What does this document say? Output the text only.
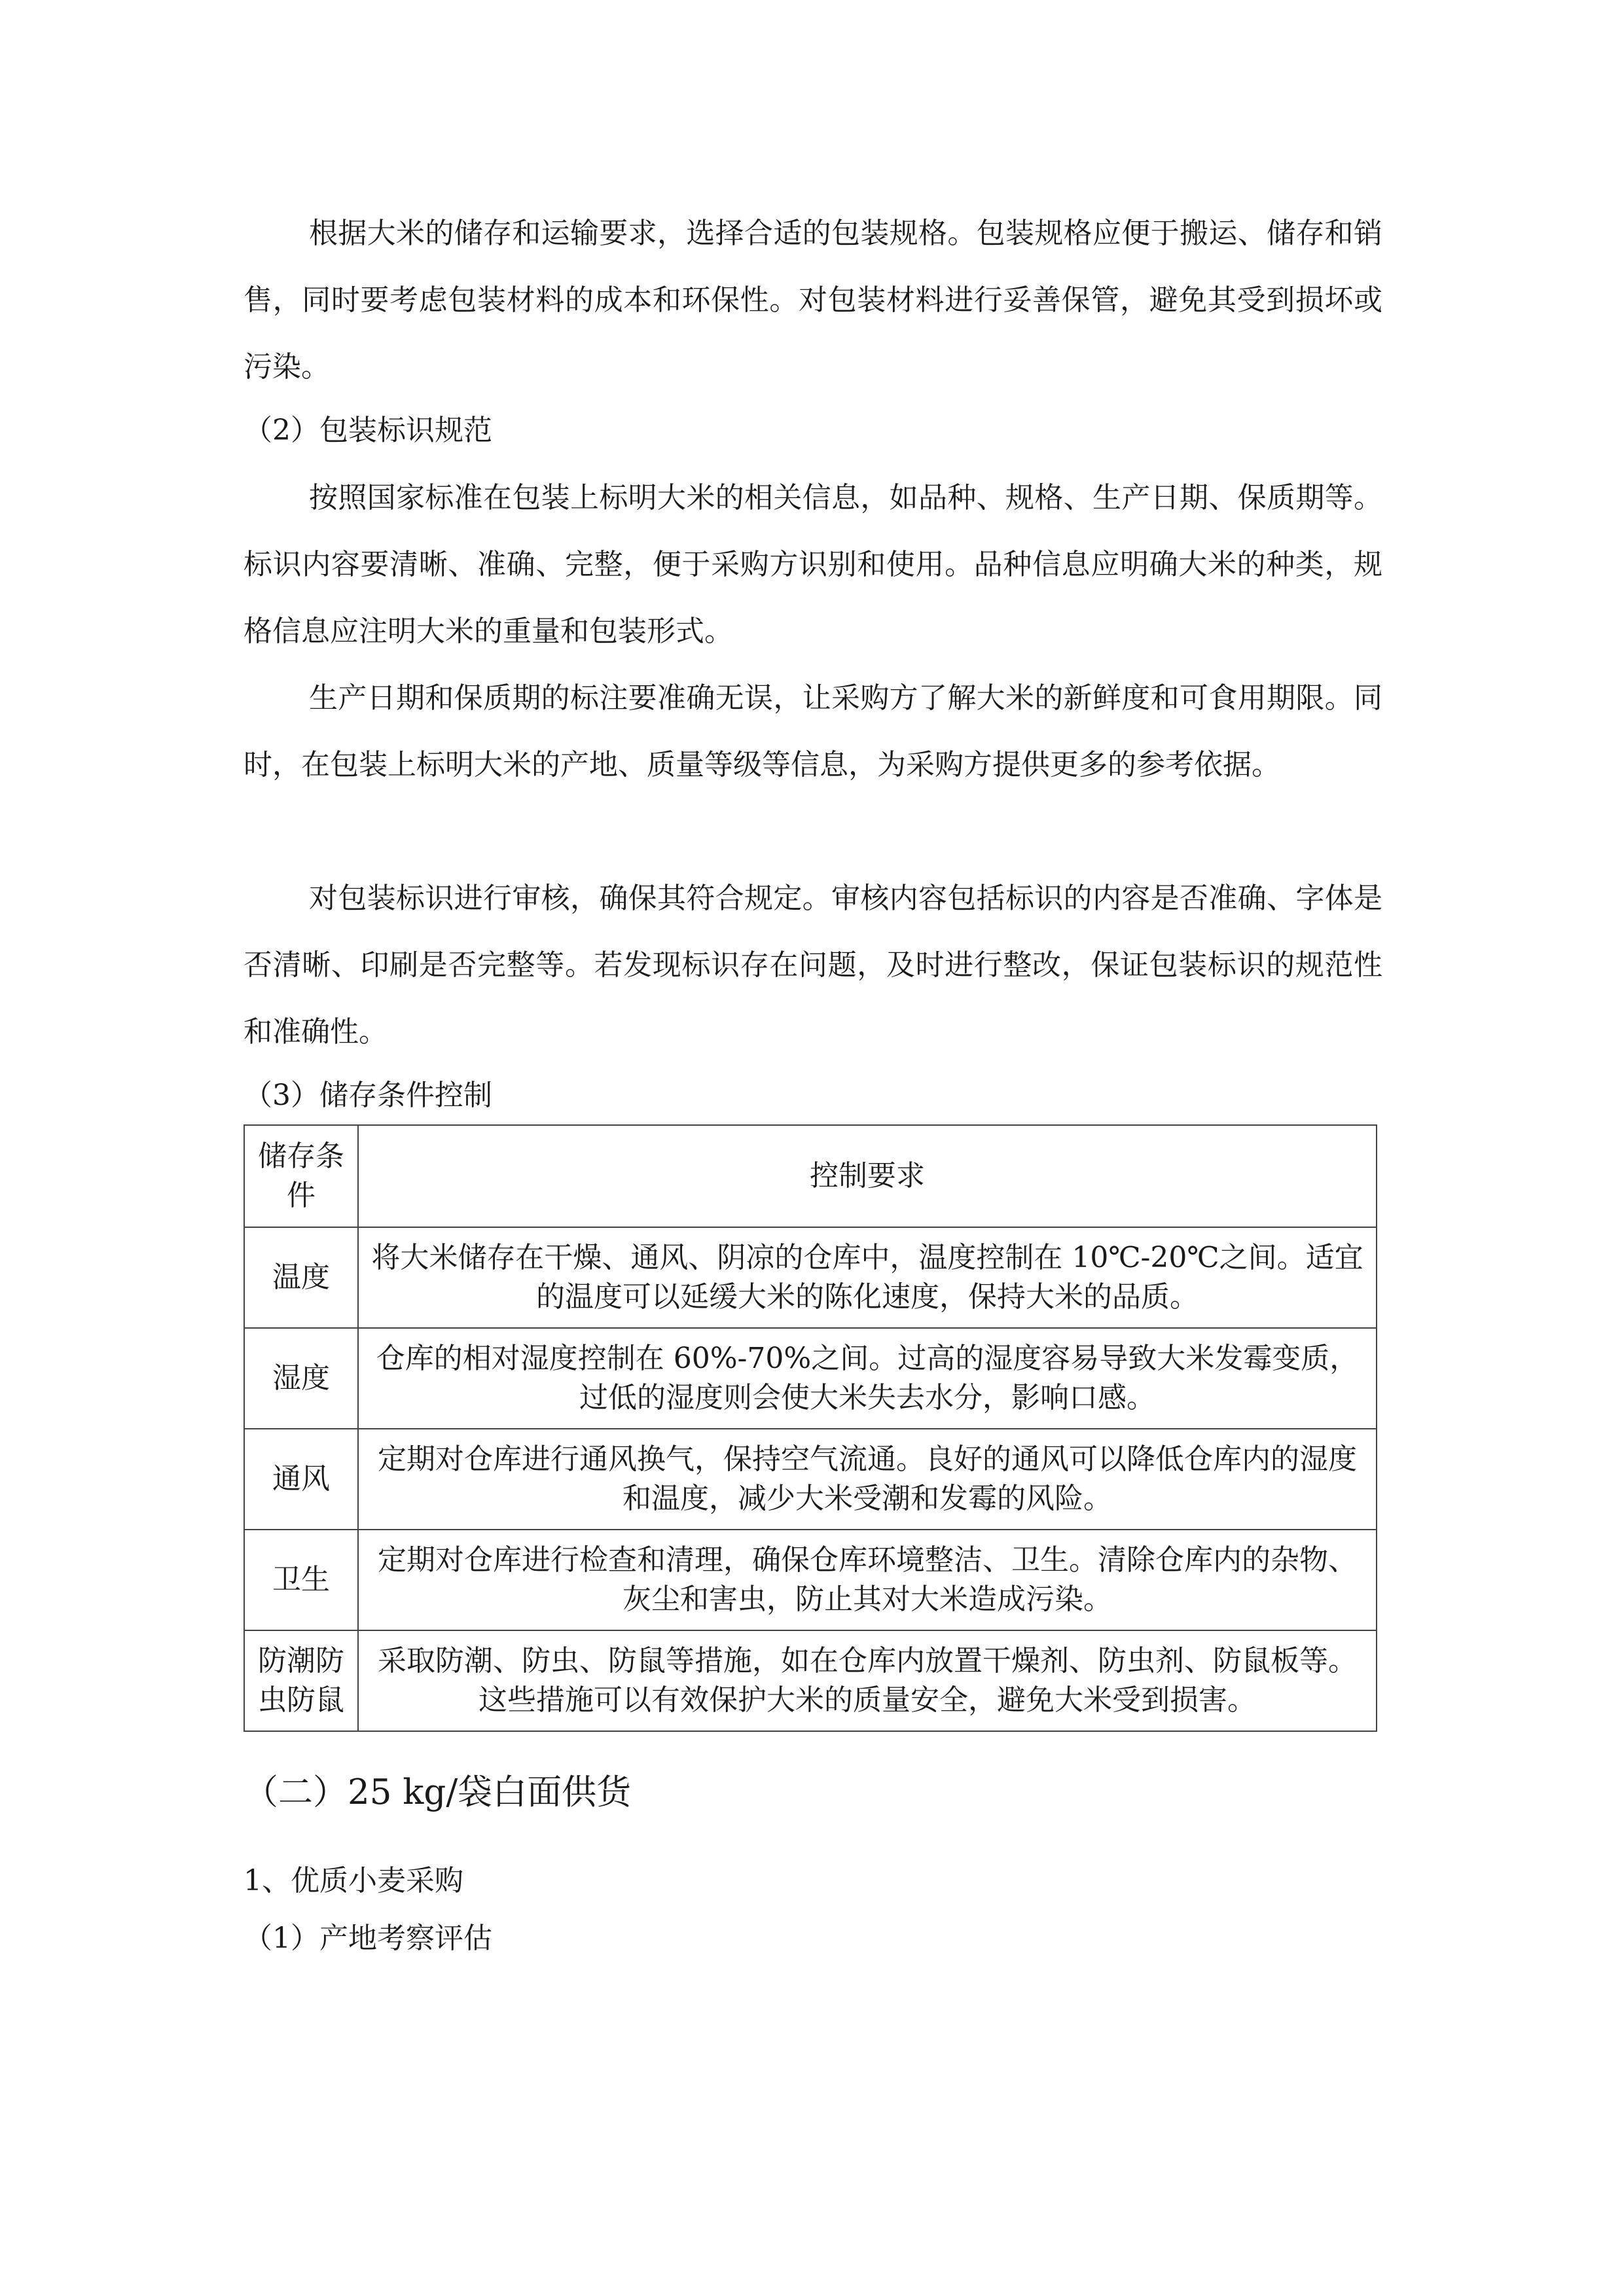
根据大米的储存和运输要求，选择合适的包装规格。包装规格应便于搬运、储存和销售，同时要考虑包装材料的成本和环保性。对包装材料进行妥善保管，避免其受到损坏或污染。

（2）包装标识规范

按照国家标准在包装上标明大米的相关信息，如品种、规格、生产日期、保质期等。标识内容要清晰、准确、完整，便于采购方识别和使用。品种信息应明确大米的种类，规格信息应注明大米的重量和包装形式。

生产日期和保质期的标注要准确无误，让采购方了解大米的新鲜度和可食用期限。同时，在包装上标明大米的产地、质量等级等信息，为采购方提供更多的参考依据。

对包装标识进行审核，确保其符合规定。审核内容包括标识的内容是否准确、字体是否清晰、印刷是否完整等。若发现标识存在问题，及时进行整改，保证包装标识的规范性和准确性。

（3）储存条件控制

储存条件	控制要求
温度	将大米储存在干燥、通风、阴凉的仓库中，温度控制在 10℃-20℃之间。适宜的温度可以延缓大米的陈化速度，保持大米的品质。
湿度	仓库的相对湿度控制在 60%-70%之间。过高的湿度容易导致大米发霉变质，过低的湿度则会使大米失去水分，影响口感。
通风	定期对仓库进行通风换气，保持空气流通。良好的通风可以降低仓库内的湿度和温度，减少大米受潮和发霉的风险。
卫生	定期对仓库进行检查和清理，确保仓库环境整洁、卫生。清除仓库内的杂物、灰尘和害虫，防止其对大米造成污染。
防潮防虫防鼠	采取防潮、防虫、防鼠等措施，如在仓库内放置干燥剂、防虫剂、防鼠板等。这些措施可以有效保护大米的质量安全，避免大米受到损害。

（二）25 kg/袋白面供货

1、优质小麦采购

（1）产地考察评估
